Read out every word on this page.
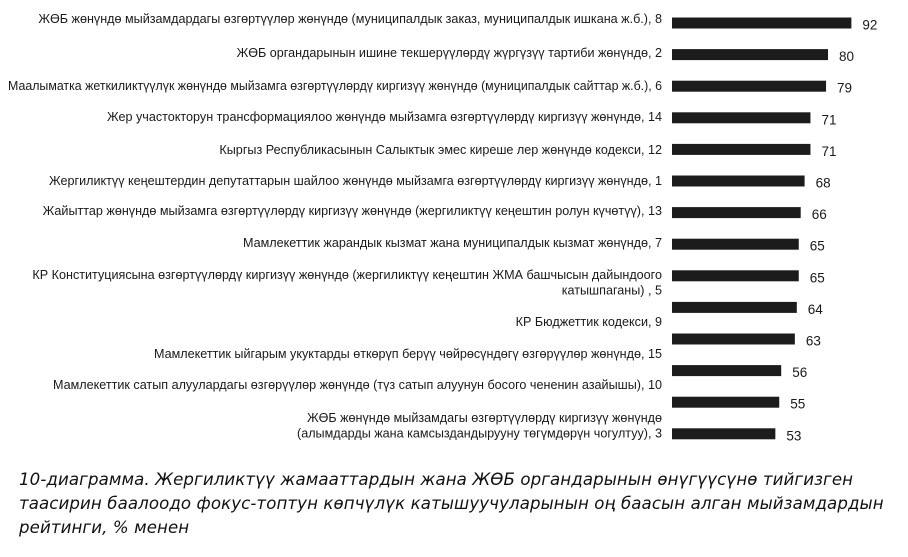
ЖӨБ жөнүндө мыйзамдардагы өзгөртүүлөр жөнүндө (муниципалдык заказ, муниципалдык ишкана ж.б.), 8
ЖӨБ органдарынын ишине текшерүүлөрдү жүргүзүү тартиби жөнүндө, 2
Маалыматка жеткиликтүүлүк жөнүндө мыйзамга өзгөртүүлөрдү киргизүү жөнүндө (муниципалдык сайттар ж.б.), 6
Жер участокторун трансформациялоо жөнүндө мыйзамга өзгөртүүлөрдү киргизүү жөнүндө, 14
Кыргыз Республикасынын Салыктык эмес киреше лер жөнүндө кодекси, 12
Жергиликтүү кеңештердин депутаттарын шайлоо жөнүндө мыйзамга өзгөртүүлөрдү киргизүү жөнүндө, 1
Жайыттар жөнүндө мыйзамга өзгөртүүлөрдү киргизүү жөнүндө (жергиликтүү кеңештин ролун күчөтүү), 13
Мамлекеттик жарандык кызмат жана муниципалдык кызмат жөнүндө, 7
КР Конституциясына өзгөртүүлөрдү киргизүү жөнүндө (жергиликтүү кеңештин ЖМА башчысын дайындоого катышпаганы) , 5
КР Бюджеттик кодекси, 9
Мамлекеттик ыйгарым укуктарды өткөрүп берүү чөйрөсүндөгү өзгөрүүлөр жөнүндө, 15
Мамлекеттик сатып алуулардагы өзгөрүүлөр жөнүндө (түз сатып алуунун босого чененин азайышы), 10
ЖӨБ жөнүндө мыйзамдагы өзгөртүүлөрдү киргизүү жөнүндө (алымдарды жана камсыздандырууну төгүмдөрүн чогултуу), 3
92
80
79
71
71
68
66
65
65
64
63
56
55
53
10-диаграмма. Жергиликтүү жамааттардын жана ЖӨБ органдарынын өнүгүүсүнө тийгизген таасирин баалоодо фокус-топтун көпчүлүк катышуучуларынын оң баасын алган мыйзамдардын рейтинги, % менен
